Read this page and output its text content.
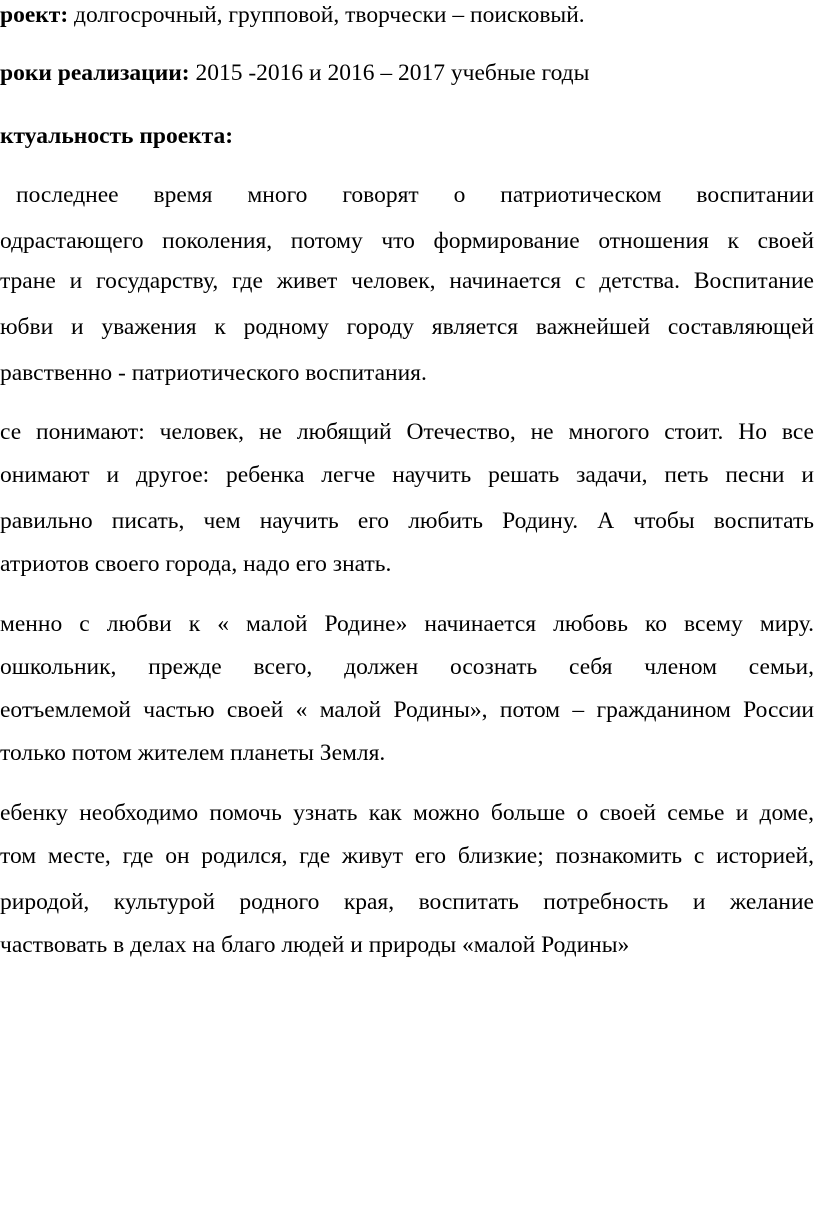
роект: долгосрочный, групповой, творчески – поисковый.

роки реализации: 2015 -2016 и 2016 – 2017 учебные годы

ктуальность проекта:

последнее время много говорят о патриотическом воспитании

одрастающего поколения, потому что формирование отношения к своей

тране и государству, где живет человек, начинается с детства. Воспитание

юбви и уважения к родному городу является важнейшей составляющей

равственно - патриотического воспитания.

се понимают: человек, не любящий Отечество, не многого стоит. Но все

онимают и другое: ребенка легче научить решать задачи, петь песни и

равильно писать, чем научить его любить Родину. А чтобы воспитать

атриотов своего города, надо его знать.

менно с любви к « малой Родине» начинается любовь ко всему миру.

ошкольник, прежде всего, должен осознать себя членом семьи,

еотъемлемой частью своей « малой Родины», потом – гражданином России

только потом жителем планеты Земля.

ебенку необходимо помочь узнать как можно больше о своей семье и доме,

том месте, где он родился, где живут его близкие; познакомить с историей,

риродой, культурой родного края, воспитать потребность и желание

частвовать в делах на благо людей и природы «малой Родины»
